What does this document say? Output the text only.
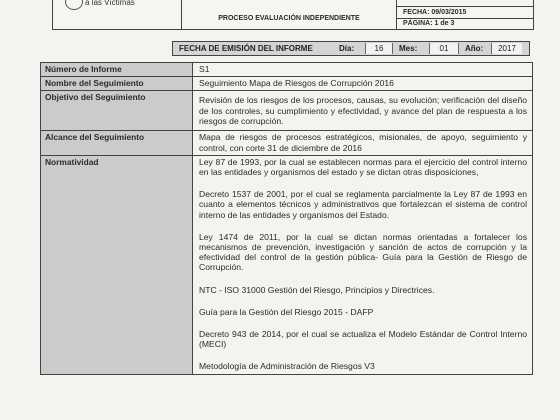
a las Víctimas
PROCESO EVALUACIÓN INDEPENDIENTE
FECHA: 09/03/2015
PÁGINA: 1 de 3
FECHA DE EMISIÓN DEL INFORME	Día:	16	Mes:	01	Año:	2017
Número de Informe	S1
Nombre del Seguimiento	Seguimiento Mapa de Riesgos de Corrupción 2016
Objetivo del Seguimiento	Revisión de los riesgos de los procesos, causas, su evolución; verificación del diseño de los controles, su cumplimiento y efectividad, y avance del plan de respuesta a los riesgos de corrupción.
Alcance del Seguimiento	Mapa de riesgos de procesos estratégicos, misionales, de apoyo, seguimiento y control, con corte 31 de diciembre de 2016
Normatividad	Ley 87 de 1993, por la cual se establecen normas para el ejercicio del control interno en las entidades y organismos del estado y se dictan otras disposiciones,

Decreto 1537 de 2001, por el cual se reglamenta parcialmente la Ley 87 de 1993 en cuanto a elementos técnicos y administrativos que fortalezcan el sistema de control interno de las entidades y organismos del Estado.

Ley 1474 de 2011, por la cual se dictan normas orientadas a fortalecer los mecanismos de prevención, investigación y sanción de actos de corrupción y la efectividad del control de la gestión pública- Guía para la Gestión de Riesgo de Corrupción.

NTC - ISO 31000 Gestión del Riesgo, Principios y Directrices.

Guía para la Gestión del Riesgo 2015 - DAFP

Decreto 943 de 2014, por el cual se actualiza el Modelo Estándar de Control Interno (MECI)

Metodología de Administración de Riesgos V3
